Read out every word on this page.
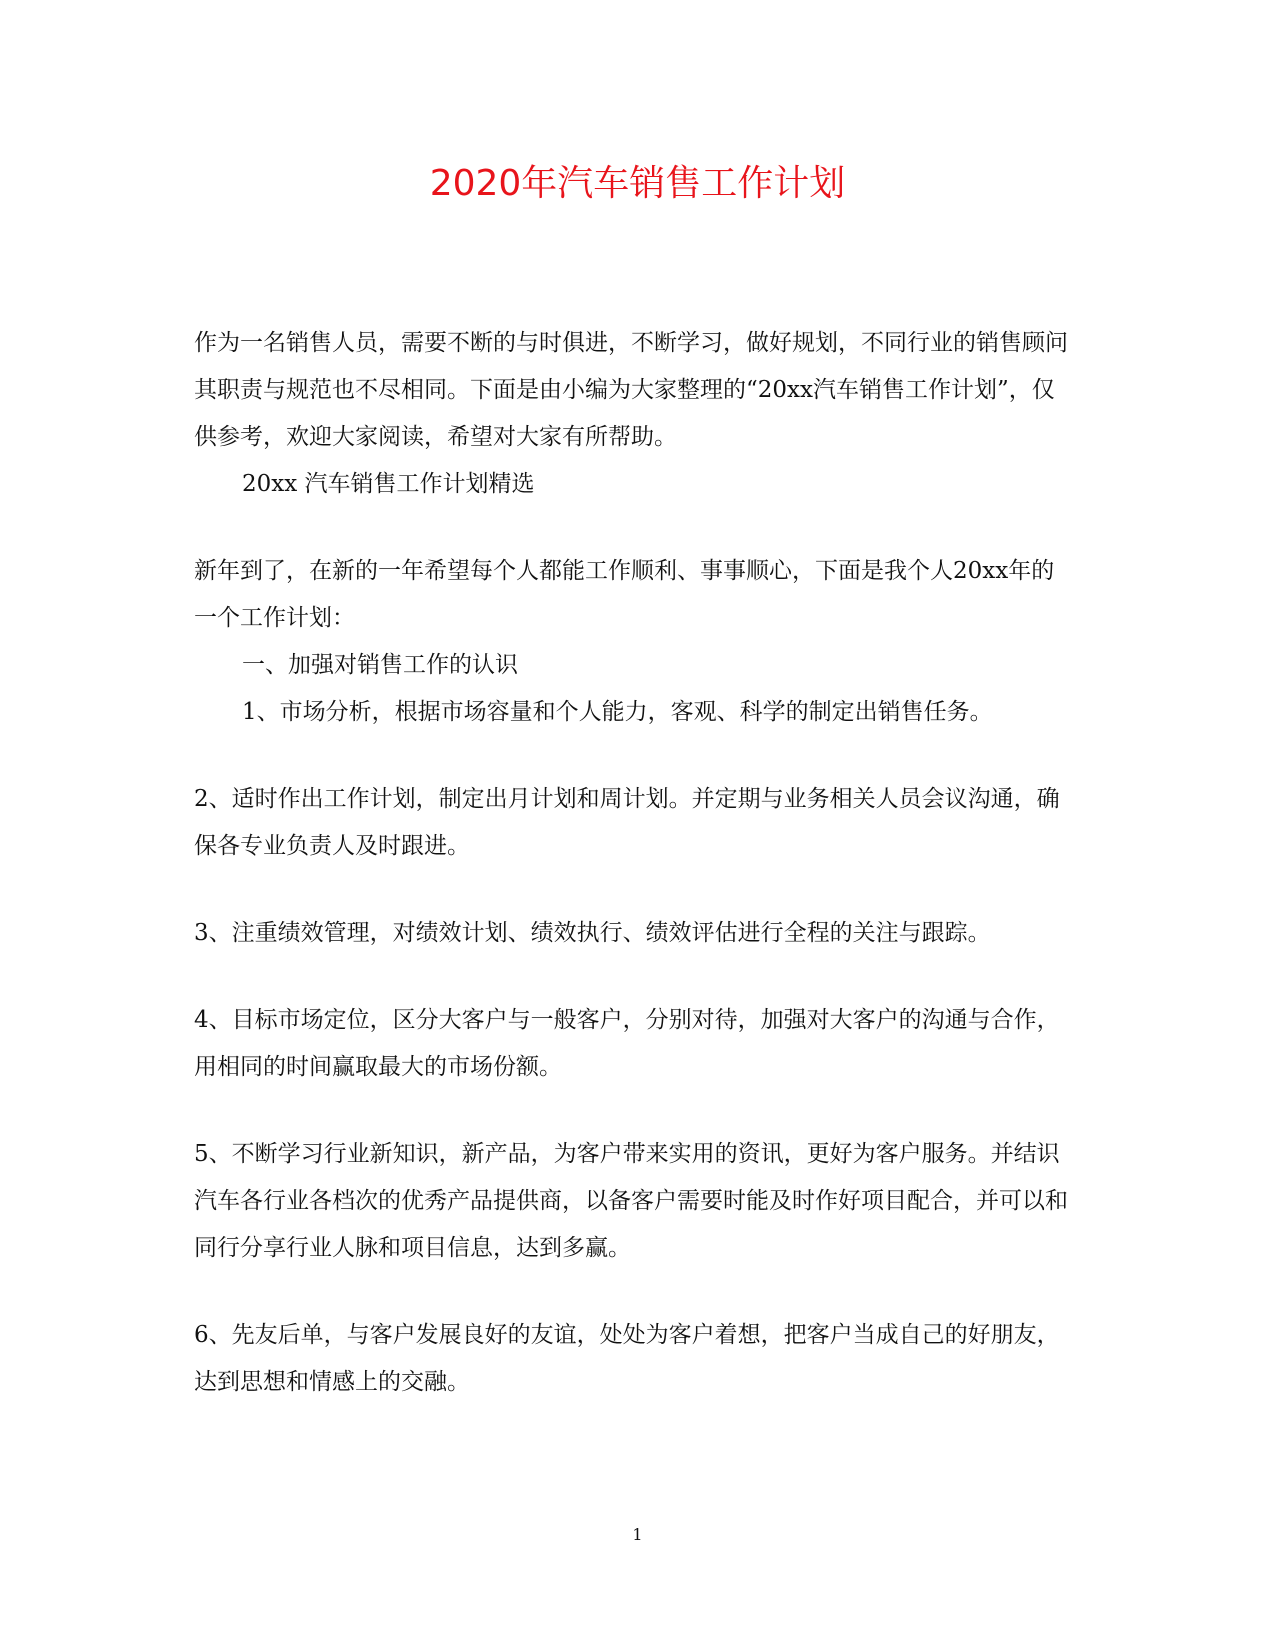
2020年汽车销售工作计划

作为一名销售人员，需要不断的与时俱进，不断学习，做好规划，不同行业的销售顾问其职责与规范也不尽相同。下面是由小编为大家整理的“20xx汽车销售工作计划”，仅供参考，欢迎大家阅读，希望对大家有所帮助。

20xx 汽车销售工作计划精选

新年到了，在新的一年希望每个人都能工作顺利、事事顺心，下面是我个人20xx年的一个工作计划：

一、加强对销售工作的认识

1、市场分析，根据市场容量和个人能力，客观、科学的制定出销售任务。

2、适时作出工作计划，制定出月计划和周计划。并定期与业务相关人员会议沟通，确保各专业负责人及时跟进。

3、注重绩效管理，对绩效计划、绩效执行、绩效评估进行全程的关注与跟踪。

4、目标市场定位，区分大客户与一般客户，分别对待，加强对大客户的沟通与合作，用相同的时间赢取最大的市场份额。

5、不断学习行业新知识，新产品，为客户带来实用的资讯，更好为客户服务。并结识汽车各行业各档次的优秀产品提供商，以备客户需要时能及时作好项目配合，并可以和同行分享行业人脉和项目信息，达到多赢。

6、先友后单，与客户发展良好的友谊，处处为客户着想，把客户当成自己的好朋友，达到思想和情感上的交融。

1
